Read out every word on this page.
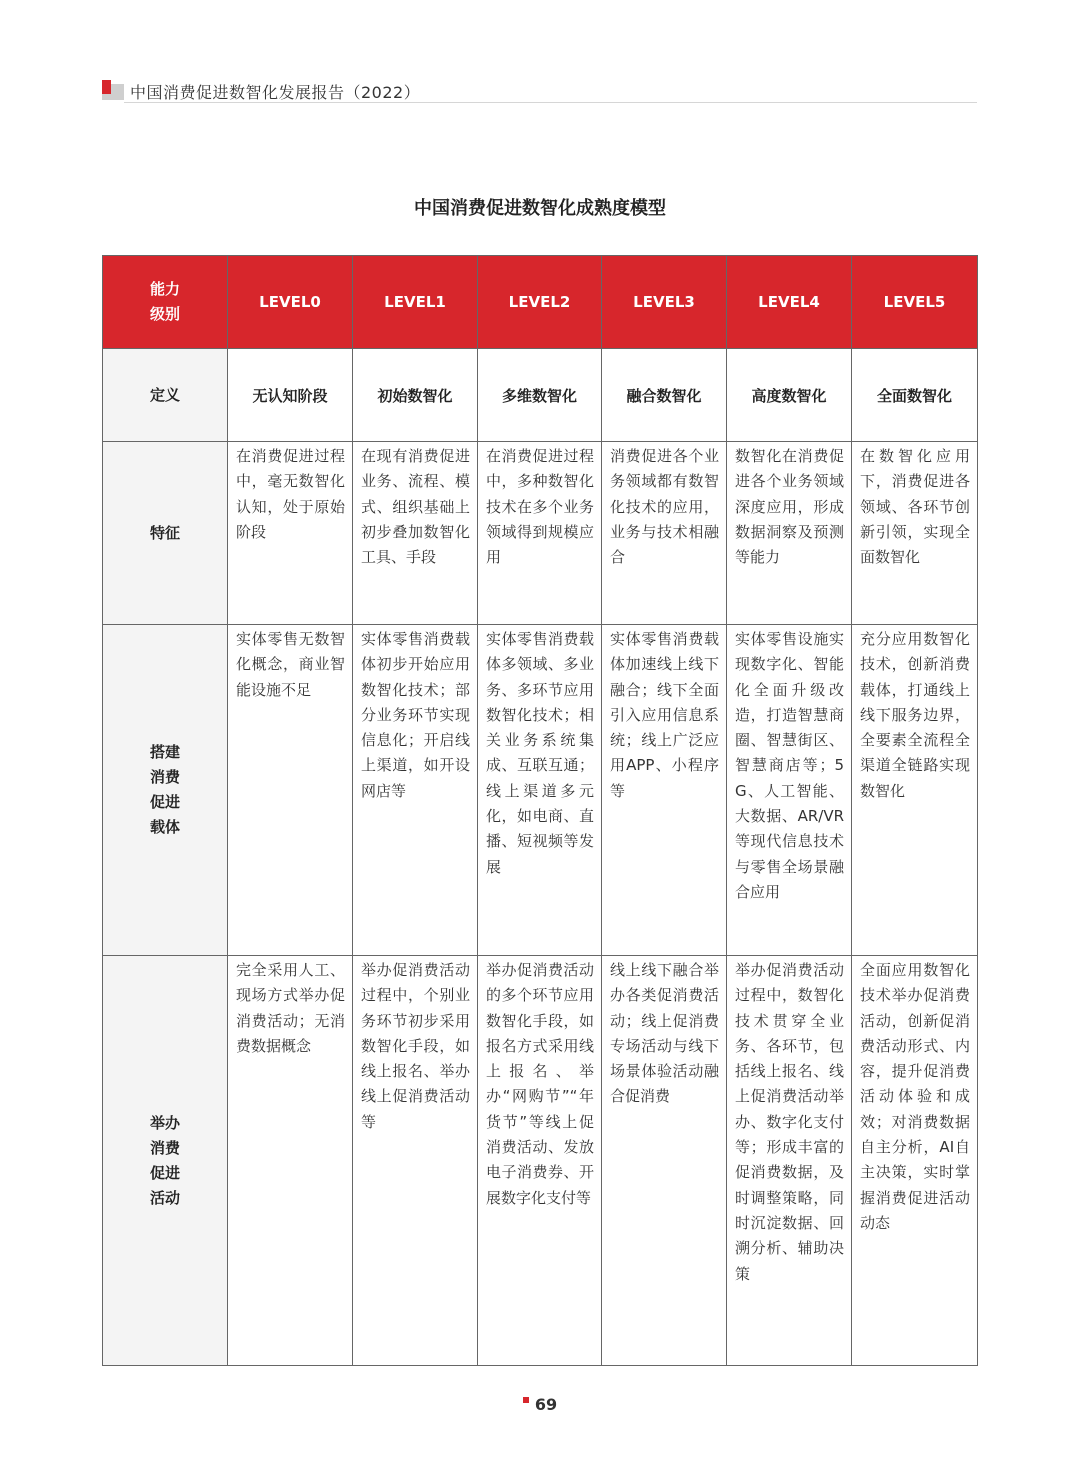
中国消费促进数智化发展报告（2022）
中国消费促进数智化成熟度模型
能力
级别	LEVEL0	LEVEL1	LEVEL2	LEVEL3	LEVEL4	LEVEL5

定义	无认知阶段	初始数智化	多维数智化	融合数智化	高度数智化	全面数智化

特征	在消费促进过程中，毫无数智化认知，处于原始阶段	在现有消费促进业务、流程、模式、组织基础上初步叠加数智化工具、手段	在消费促进过程中，多种数智化技术在多个业务领域得到规模应用	消费促进各个业务领域都有数智化技术的应用，业务与技术相融合	数智化在消费促进各个业务领域深度应用，形成数据洞察及预测等能力	在数智化应用下，消费促进各领域、各环节创新引领，实现全面数智化

搭建
消费
促进
载体	实体零售无数智化概念，商业智能设施不足	实体零售消费载体初步开始应用数智化技术；部分业务环节实现信息化；开启线上渠道，如开设网店等	实体零售消费载体多领域、多业务、多环节应用数智化技术；相关业务系统集成、互联互通；线上渠道多元化，如电商、直播、短视频等发展	实体零售消费载体加速线上线下融合；线下全面引入应用信息系统；线上广泛应用APP、小程序等	实体零售设施实现数字化、智能化全面升级改造，打造智慧商圈、智慧街区、智慧商店等；5G、人工智能、大数据、AR/VR等现代信息技术与零售全场景融合应用	充分应用数智化技术，创新消费载体，打通线上线下服务边界，全要素全流程全渠道全链路实现数智化

举办
消费
促进
活动	完全采用人工、现场方式举办促消费活动；无消费数据概念	举办促消费活动过程中，个别业务环节初步采用数智化手段，如线上报名、举办线上促消费活动等	举办促消费活动的多个环节应用数智化手段，如报名方式采用线上报名、举办“网购节”“年货节”等线上促消费活动、发放电子消费券、开展数字化支付等	线上线下融合举办各类促消费活动；线上促消费专场活动与线下场景体验活动融合促消费	举办促消费活动过程中，数智化技术贯穿全业务、各环节，包括线上报名、线上促消费活动举办、数字化支付等；形成丰富的促消费数据，及时调整策略，同时沉淀数据、回溯分析、辅助决策	全面应用数智化技术举办促消费活动，创新促消费活动形式、内容，提升促消费活动体验和成效；对消费数据自主分析，AI自主决策，实时掌握消费促进活动动态
69
